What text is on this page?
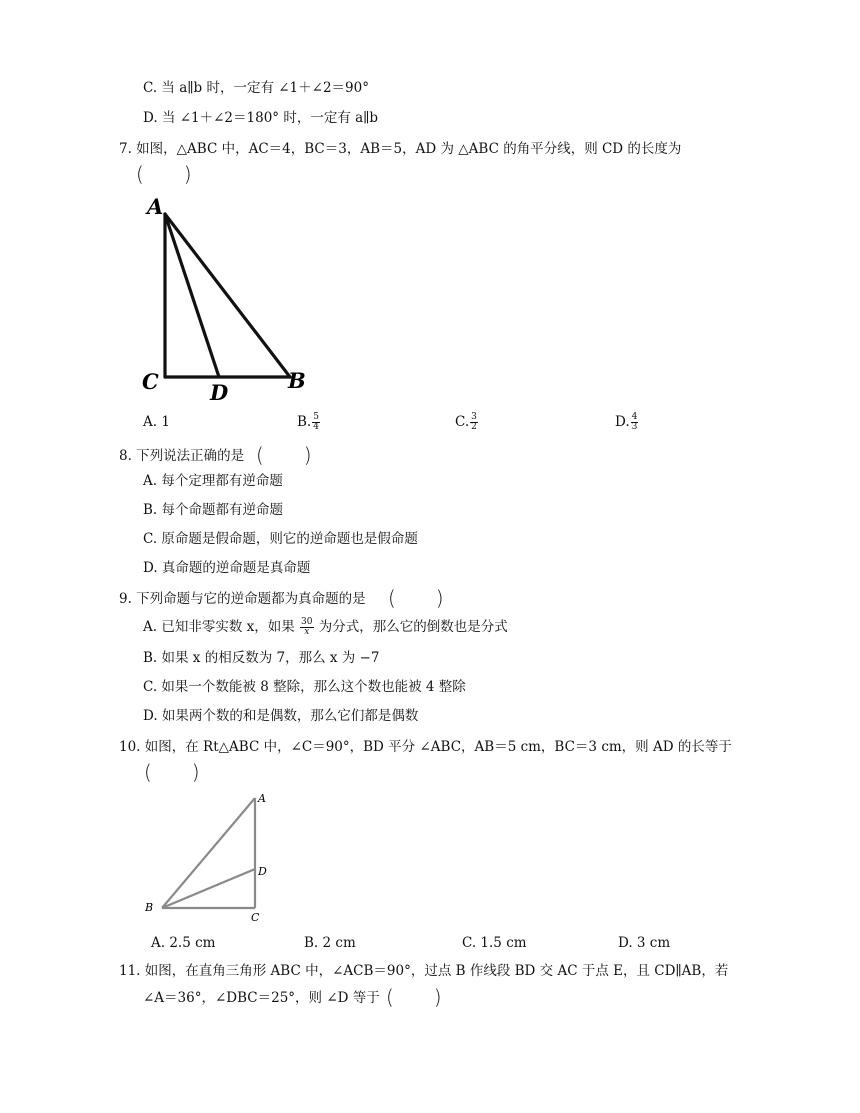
C. 当 a∥b 时，一定有 ∠1＋∠2＝90°
D. 当 ∠1＋∠2＝180° 时，一定有 a∥b
7. 如图，△ABC 中，AC＝4，BC＝3，AB＝5，AD 为 △ABC 的角平分线，则 CD 的长度为
(　　)
A
C D	B
A. 1	B. $\frac{5}{4}$	C. $\frac{3}{2}$	D. $\frac{4}{3}$
8. 下列说法正确的是 (　　)
A. 每个定理都有逆命题
B. 每个命题都有逆命题
C. 原命题是假命题，则它的逆命题也是假命题
D. 真命题的逆命题是真命题
9. 下列命题与它的逆命题都为真命题的是 (　　)
A. 已知非零实数 x，如果 $\frac{30}{x}$ 为分式，那么它的倒数也是分式
B. 如果 x 的相反数为 7，那么 x 为 −7
C. 如果一个数能被 8 整除，那么这个数也能被 4 整除
D. 如果两个数的和是偶数，那么它们都是偶数
10. 如图，在 Rt△ABC 中，∠C＝90°，BD 平分 ∠ABC，AB＝5 cm，BC＝3 cm，则 AD 的长等于
(　　)
A
D
B
C
A. 2.5 cm	B. 2 cm	C. 1.5 cm	D. 3 cm
11. 如图，在直角三角形 ABC 中，∠ACB＝90°，过点 B 作线段 BD 交 AC 于点 E，且 CD∥AB，若
∠A＝36°，∠DBC＝25°，则 ∠D 等于 (　　)
